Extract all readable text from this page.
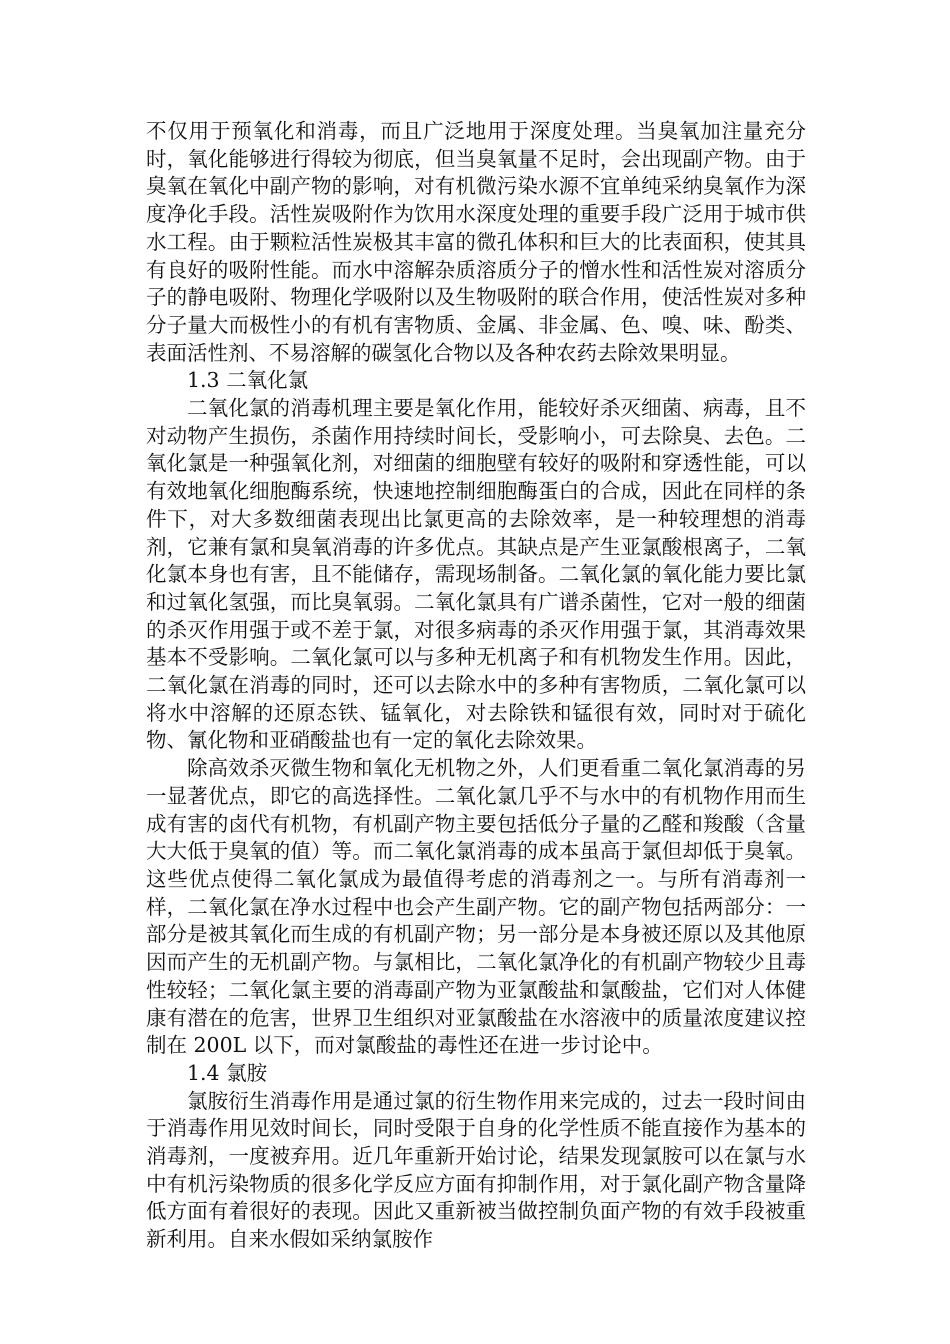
不仅用于预氧化和消毒，而且广泛地用于深度处理。当臭氧加注量充分时，氧化能够进行得较为彻底，但当臭氧量不足时，会出现副产物。由于臭氧在氧化中副产物的影响，对有机微污染水源不宜单纯采纳臭氧作为深度净化手段。活性炭吸附作为饮用水深度处理的重要手段广泛用于城市供水工程。由于颗粒活性炭极其丰富的微孔体积和巨大的比表面积，使其具有良好的吸附性能。而水中溶解杂质溶质分子的憎水性和活性炭对溶质分子的静电吸附、物理化学吸附以及生物吸附的联合作用，使活性炭对多种分子量大而极性小的有机有害物质、金属、非金属、色、嗅、味、酚类、表面活性剂、不易溶解的碳氢化合物以及各种农药去除效果明显。

1.3 二氧化氯

二氧化氯的消毒机理主要是氧化作用，能较好杀灭细菌、病毒，且不对动物产生损伤，杀菌作用持续时间长，受影响小，可去除臭、去色。二氧化氯是一种强氧化剂，对细菌的细胞壁有较好的吸附和穿透性能，可以有效地氧化细胞酶系统，快速地控制细胞酶蛋白的合成，因此在同样的条件下，对大多数细菌表现出比氯更高的去除效率，是一种较理想的消毒剂，它兼有氯和臭氧消毒的许多优点。其缺点是产生亚氯酸根离子，二氧化氯本身也有害，且不能储存，需现场制备。二氧化氯的氧化能力要比氯和过氧化氢强，而比臭氧弱。二氧化氯具有广谱杀菌性，它对一般的细菌的杀灭作用强于或不差于氯，对很多病毒的杀灭作用强于氯，其消毒效果基本不受影响。二氧化氯可以与多种无机离子和有机物发生作用。因此，二氧化氯在消毒的同时，还可以去除水中的多种有害物质，二氧化氯可以将水中溶解的还原态铁、锰氧化，对去除铁和锰很有效，同时对于硫化物、氰化物和亚硝酸盐也有一定的氧化去除效果。

除高效杀灭微生物和氧化无机物之外，人们更看重二氧化氯消毒的另一显著优点，即它的高选择性。二氧化氯几乎不与水中的有机物作用而生成有害的卤代有机物，有机副产物主要包括低分子量的乙醛和羧酸（含量大大低于臭氧的值）等。而二氧化氯消毒的成本虽高于氯但却低于臭氧。这些优点使得二氧化氯成为最值得考虑的消毒剂之一。与所有消毒剂一样，二氧化氯在净水过程中也会产生副产物。它的副产物包括两部分：一部分是被其氧化而生成的有机副产物；另一部分是本身被还原以及其他原因而产生的无机副产物。与氯相比，二氧化氯净化的有机副产物较少且毒性较轻；二氧化氯主要的消毒副产物为亚氯酸盐和氯酸盐，它们对人体健康有潜在的危害，世界卫生组织对亚氯酸盐在水溶液中的质量浓度建议控制在 200L 以下，而对氯酸盐的毒性还在进一步讨论中。

1.4 氯胺

氯胺衍生消毒作用是通过氯的衍生物作用来完成的，过去一段时间由于消毒作用见效时间长，同时受限于自身的化学性质不能直接作为基本的消毒剂，一度被弃用。近几年重新开始讨论，结果发现氯胺可以在氯与水中有机污染物质的很多化学反应方面有抑制作用，对于氯化副产物含量降低方面有着很好的表现。因此又重新被当做控制负面产物的有效手段被重新利用。自来水假如采纳氯胺作
